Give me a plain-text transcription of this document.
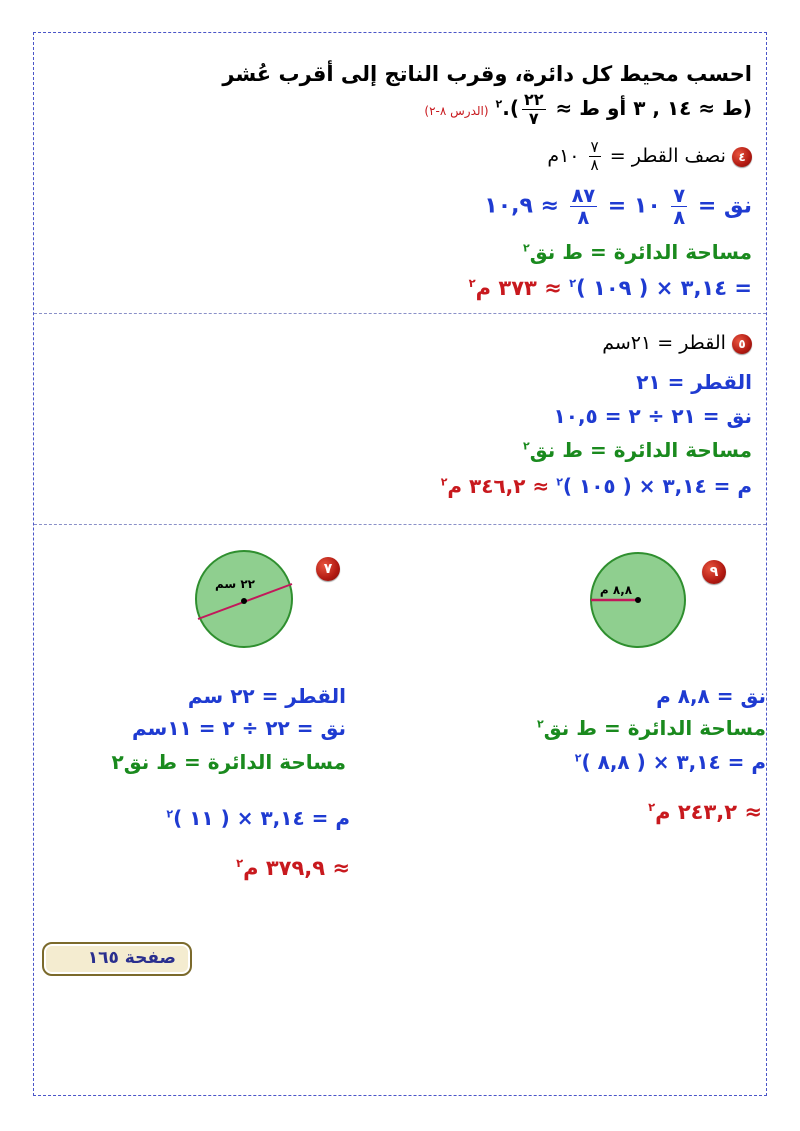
احسب محيط كل دائرة، وقرب الناتج إلى أقرب عُشر
(ط ≈ ١٤ , ٣ أو ط ≈
$\frac{٢٢}{٧}$
).$^٢$ (الدرس ٨-٢)
٤ نصف القطر =
$\frac{٧}{٨}$
١٠م
نق =
$\frac{٧}{٨}$
١٠ =
$\frac{٨٧}{٨}$
≈ ١٠,٩
مساحة الدائرة = ط نق$^٢$
= ٣,١٤ × ( ١٠٩ )$^٢$ ≈ ٣٧٣ م$^٢$
٥ القطر = ٢١سم
القطر = ٢١
نق = ٢١ ÷ ٢ = ١٠,٥
مساحة الدائرة = ط نق$^٢$
م = ٣,١٤ × ( ١٠٥ )$^٢$ ≈ ٣٤٦,٢ م$^٢$
٩
٨,٨ م
نق = ٨,٨ م
مساحة الدائرة = ط نق$^٢$
م = ٣,١٤ × ( ٨,٨ )$^٢$
≈ ٢٤٣,٢ م$^٢$
٧
٢٢ سم
القطر = ٢٢ سم
نق = ٢٢ ÷ ٢ = ١١سم
مساحة الدائرة = ط نق٢
م = ٣,١٤ × ( ١١ )$^٢$
≈ ٣٧٩,٩ م$^٢$
صفحة ١٦٥
